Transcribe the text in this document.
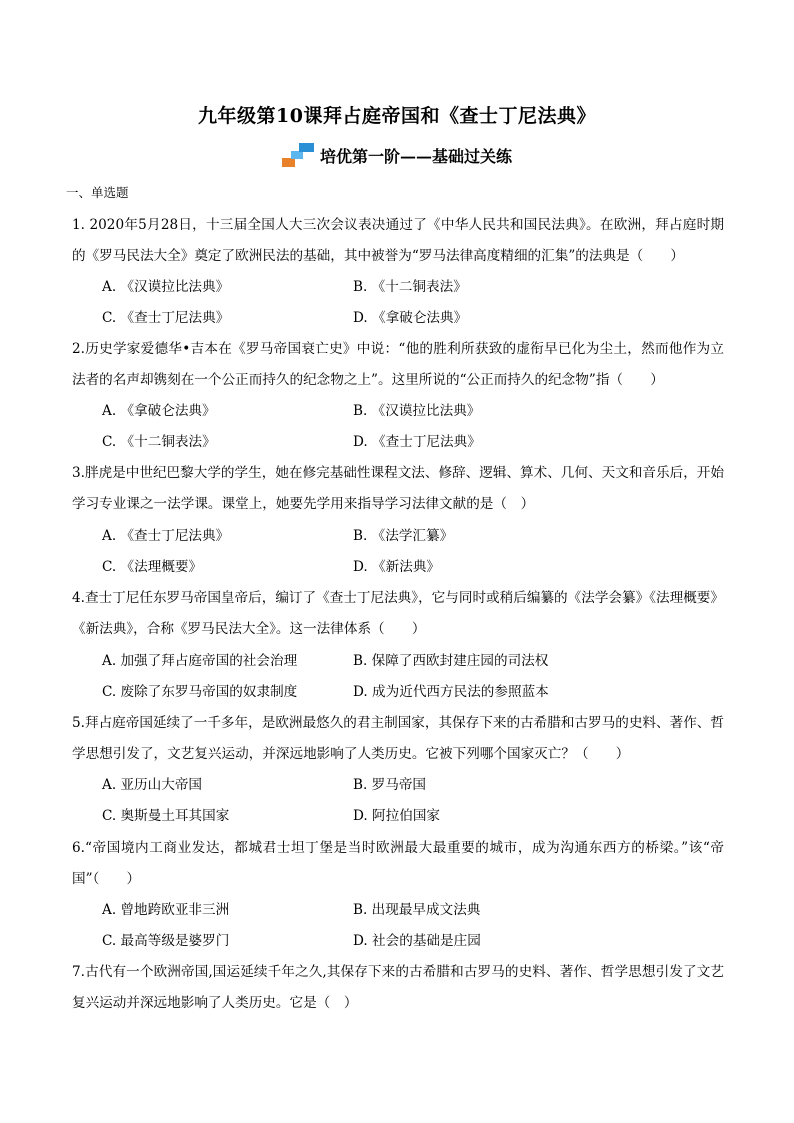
九年级第10课拜占庭帝国和《查士丁尼法典》
培优第一阶——基础过关练
一、单选题
1. 2020年5月28日，十三届全国人大三次会议表决通过了《中华人民共和国民法典》。在欧洲，拜占庭时期的《罗马民法大全》奠定了欧洲民法的基础，其中被誉为“罗马法律高度精细的汇集”的法典是（　　）
A. 《汉谟拉比法典》	B. 《十二铜表法》
C. 《查士丁尼法典》	D. 《拿破仑法典》
2.历史学家爱德华•吉本在《罗马帝国衰亡史》中说：“他的胜利所获致的虚衔早已化为尘土，然而他作为立法者的名声却镌刻在一个公正而持久的纪念物之上”。这里所说的“公正而持久的纪念物”指（　　）
A. 《拿破仑法典》	B. 《汉谟拉比法典》
C. 《十二铜表法》	D. 《查士丁尼法典》
3.胖虎是中世纪巴黎大学的学生，她在修完基础性课程文法、修辞、逻辑、算术、几何、天文和音乐后，开始学习专业课之一法学课。课堂上，她要先学用来指导学习法律文献的是（　）
A. 《查士丁尼法典》	B. 《法学汇纂》
C. 《法理概要》	D. 《新法典》
4.查士丁尼任东罗马帝国皇帝后，编订了《查士丁尼法典》，它与同时或稍后编纂的《法学会纂》《法理概要》《新法典》，合称《罗马民法大全》。这一法律体系（　　）
A. 加强了拜占庭帝国的社会治理	B. 保障了西欧封建庄园的司法权
C. 废除了东罗马帝国的奴隶制度	D. 成为近代西方民法的参照蓝本
5.拜占庭帝国延续了一千多年，是欧洲最悠久的君主制国家，其保存下来的古希腊和古罗马的史料、著作、哲学思想引发了，文艺复兴运动，并深远地影响了人类历史。它被下列哪个国家灭亡？（　　）
A. 亚历山大帝国	B. 罗马帝国
C. 奥斯曼土耳其国家	D. 阿拉伯国家
6.“帝国境内工商业发达，都城君士坦丁堡是当时欧洲最大最重要的城市，成为沟通东西方的桥梁。”该“帝国”（　　）
A. 曾地跨欧亚非三洲	B. 出现最早成文法典
C. 最高等级是婆罗门	D. 社会的基础是庄园
7.古代有一个欧洲帝国,国运延续千年之久,其保存下来的古希腊和古罗马的史料、著作、哲学思想引发了文艺复兴运动并深远地影响了人类历史。它是（　）
